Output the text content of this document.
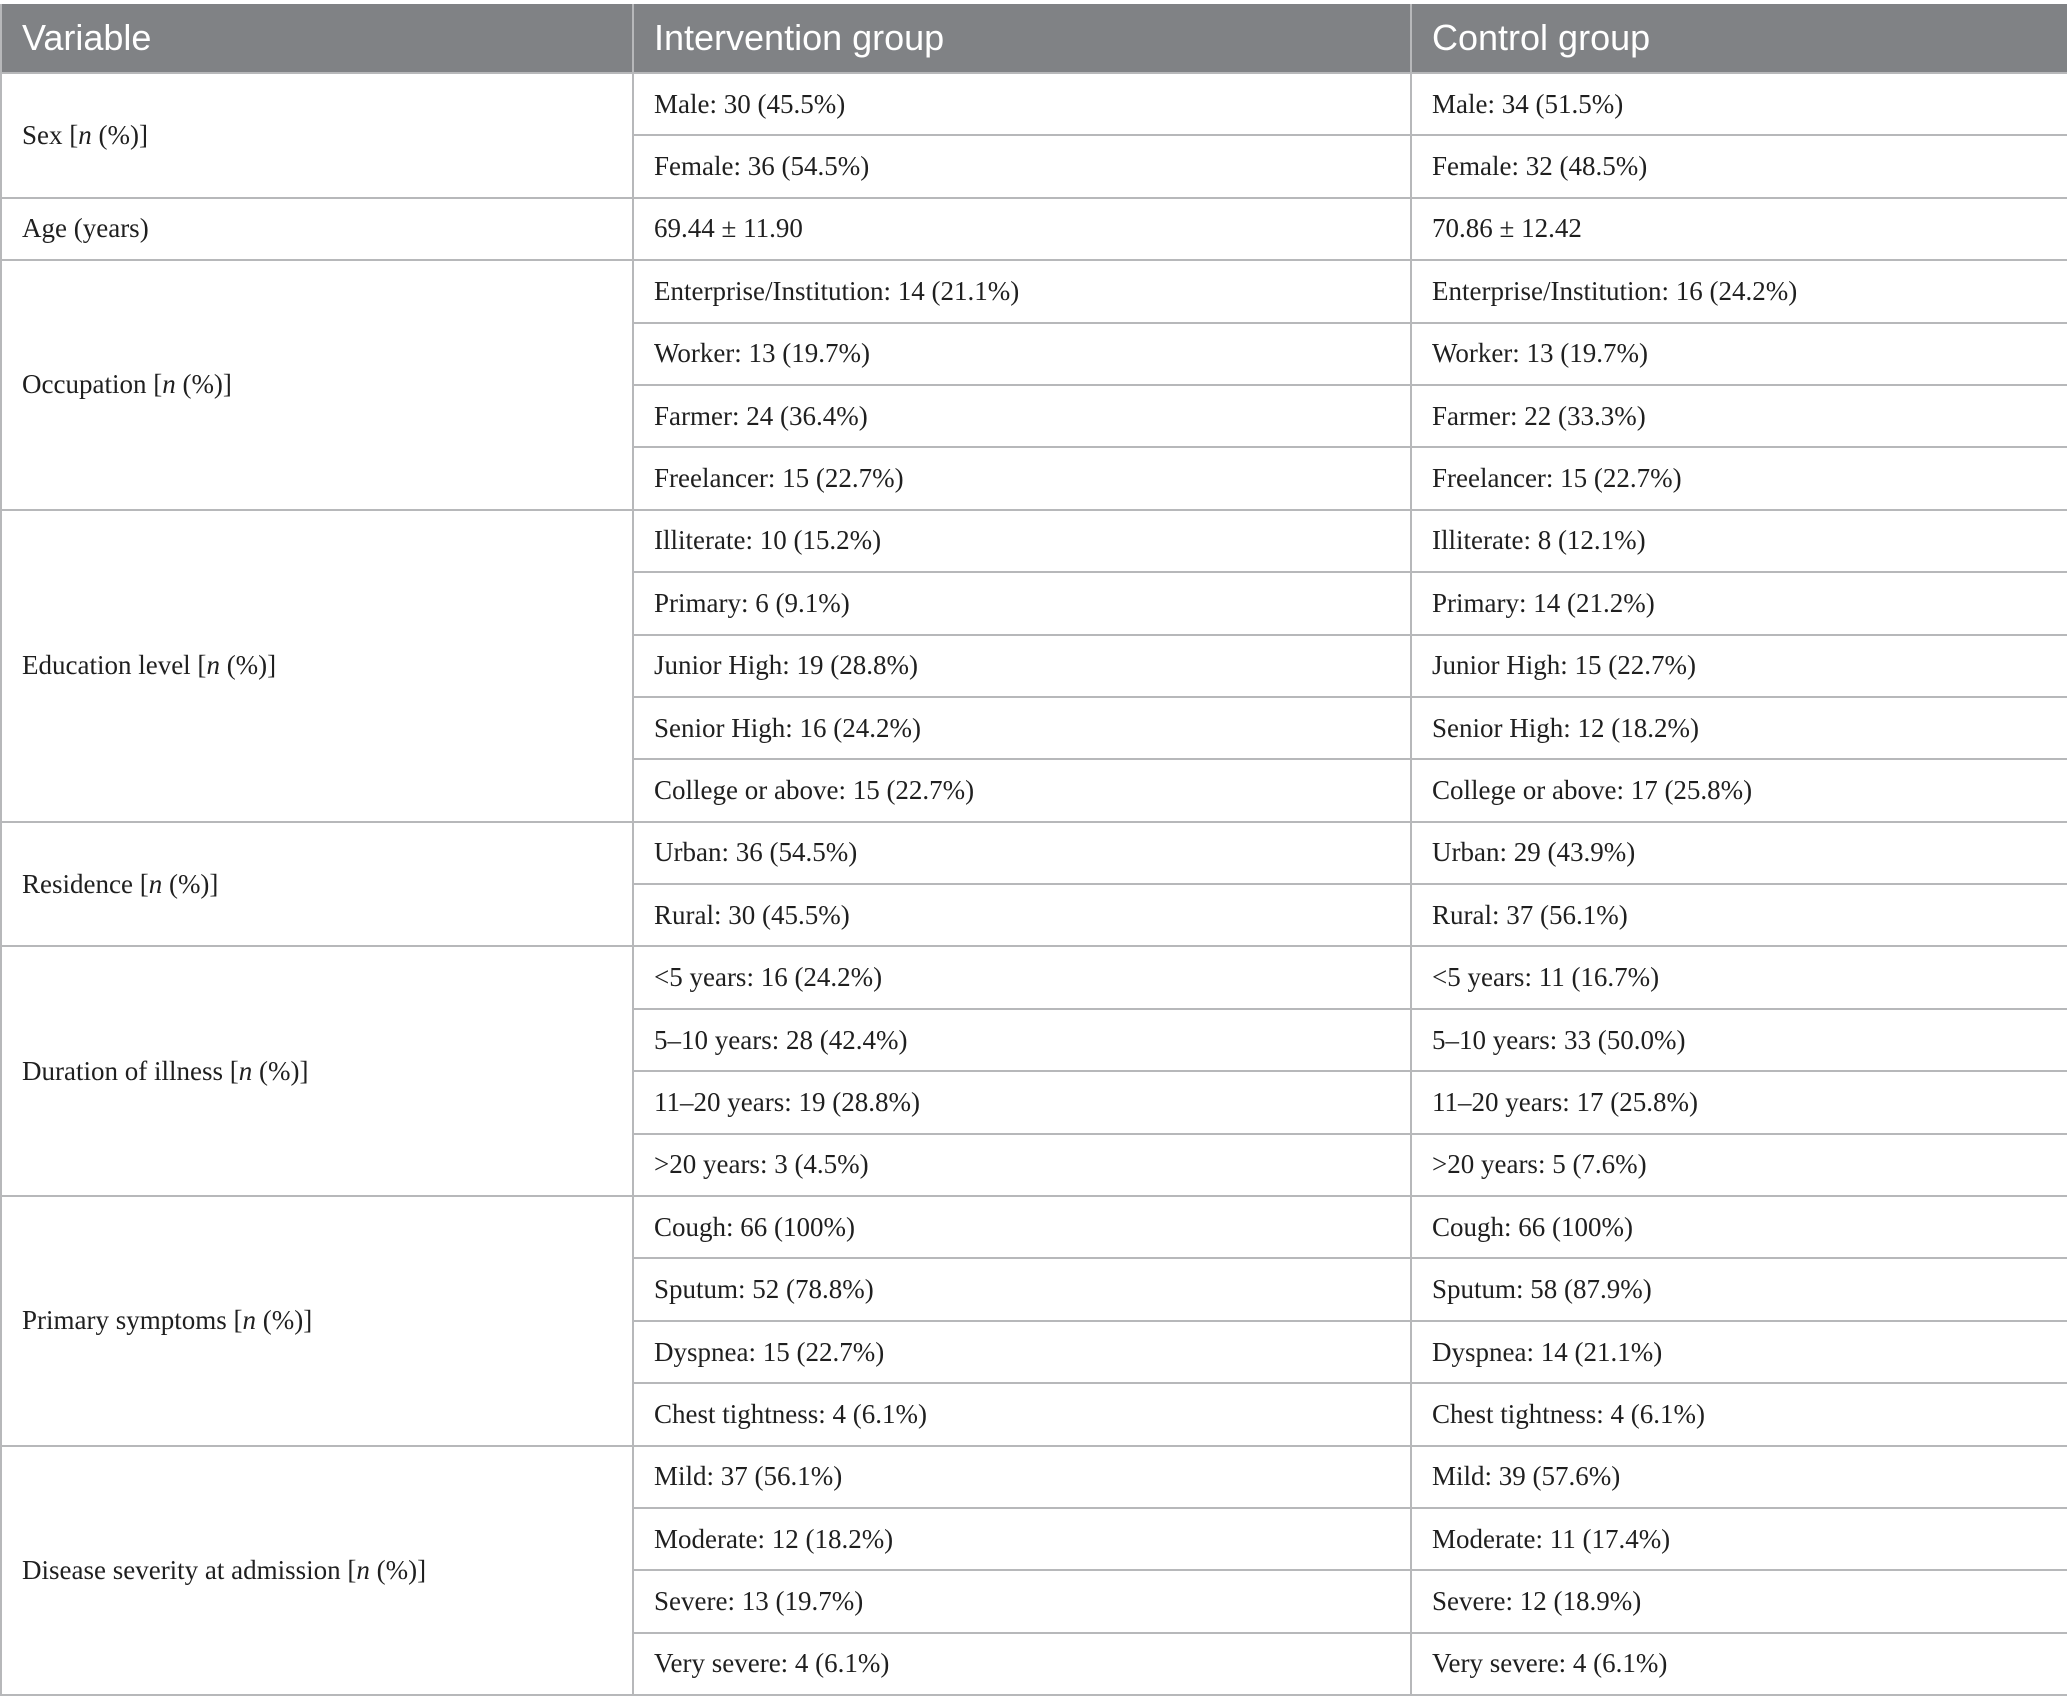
Variable	Intervention group	Control group
Sex [n (%)]	Male: 30 (45.5%)	Male: 34 (51.5%)
	Female: 36 (54.5%)	Female: 32 (48.5%)
Age (years)	69.44 ± 11.90	70.86 ± 12.42
Occupation [n (%)]	Enterprise/Institution: 14 (21.1%)	Enterprise/Institution: 16 (24.2%)
	Worker: 13 (19.7%)	Worker: 13 (19.7%)
	Farmer: 24 (36.4%)	Farmer: 22 (33.3%)
	Freelancer: 15 (22.7%)	Freelancer: 15 (22.7%)
Education level [n (%)]	Illiterate: 10 (15.2%)	Illiterate: 8 (12.1%)
	Primary: 6 (9.1%)	Primary: 14 (21.2%)
	Junior High: 19 (28.8%)	Junior High: 15 (22.7%)
	Senior High: 16 (24.2%)	Senior High: 12 (18.2%)
	College or above: 15 (22.7%)	College or above: 17 (25.8%)
Residence [n (%)]	Urban: 36 (54.5%)	Urban: 29 (43.9%)
	Rural: 30 (45.5%)	Rural: 37 (56.1%)
Duration of illness [n (%)]	<5 years: 16 (24.2%)	<5 years: 11 (16.7%)
	5–10 years: 28 (42.4%)	5–10 years: 33 (50.0%)
	11–20 years: 19 (28.8%)	11–20 years: 17 (25.8%)
	>20 years: 3 (4.5%)	>20 years: 5 (7.6%)
Primary symptoms [n (%)]	Cough: 66 (100%)	Cough: 66 (100%)
	Sputum: 52 (78.8%)	Sputum: 58 (87.9%)
	Dyspnea: 15 (22.7%)	Dyspnea: 14 (21.1%)
	Chest tightness: 4 (6.1%)	Chest tightness: 4 (6.1%)
Disease severity at admission [n (%)]	Mild: 37 (56.1%)	Mild: 39 (57.6%)
	Moderate: 12 (18.2%)	Moderate: 11 (17.4%)
	Severe: 13 (19.7%)	Severe: 12 (18.9%)
	Very severe: 4 (6.1%)	Very severe: 4 (6.1%)
